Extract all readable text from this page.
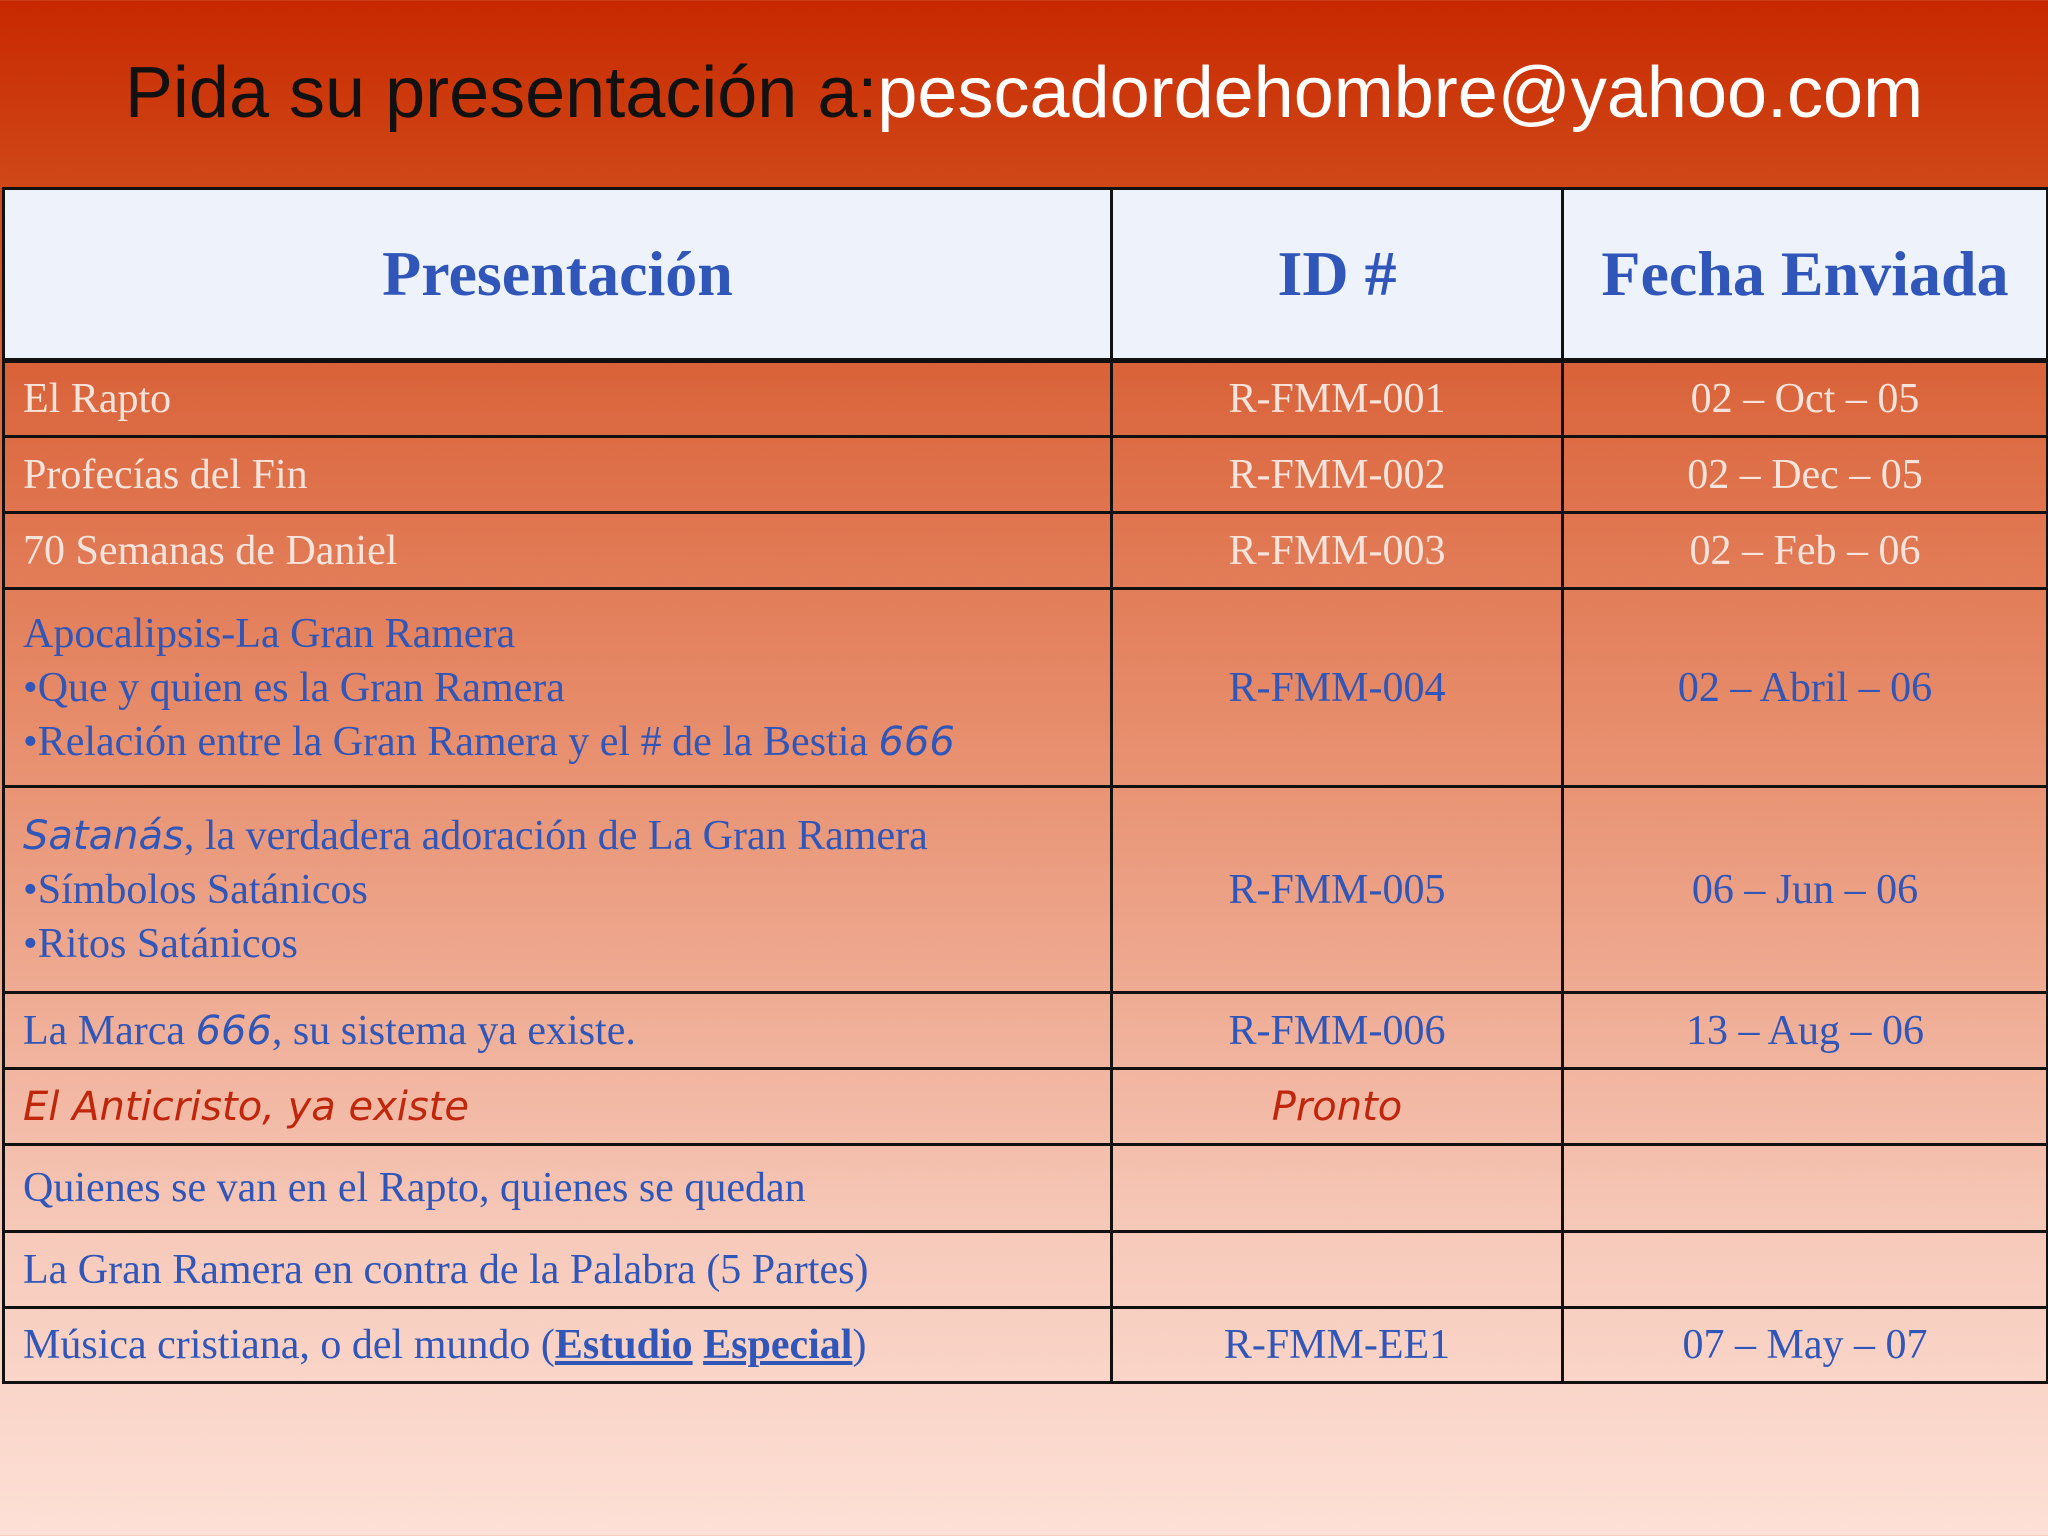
Pida su presentación a: pescadordehombre@yahoo.com
Presentación	ID #	Fecha Enviada
El Rapto	R-FMM-001	02 – Oct – 05
Profecías del Fin	R-FMM-002	02 – Dec – 05
70 Semanas de Daniel	R-FMM-003	02 – Feb – 06

Apocalipsis-La Gran Ramera
•Que y quien es la Gran Ramera
•Relación entre la Gran Ramera y el # de la Bestia 666	R-FMM-004	02 – Abril – 06

Satanás, la verdadera adoración de La Gran Ramera
•Símbolos Satánicos
•Ritos Satánicos	R-FMM-005	06 – Jun – 06
La Marca 666, su sistema ya existe.	R-FMM-006	13 – Aug – 06
El Anticristo, ya existe	Pronto	
Quienes se van en el Rapto, quienes se quedan		
La Gran Ramera en contra de la Palabra (5 Partes)		
Música cristiana, o del mundo (Estudio Especial)	R-FMM-EE1	07 – May – 07
